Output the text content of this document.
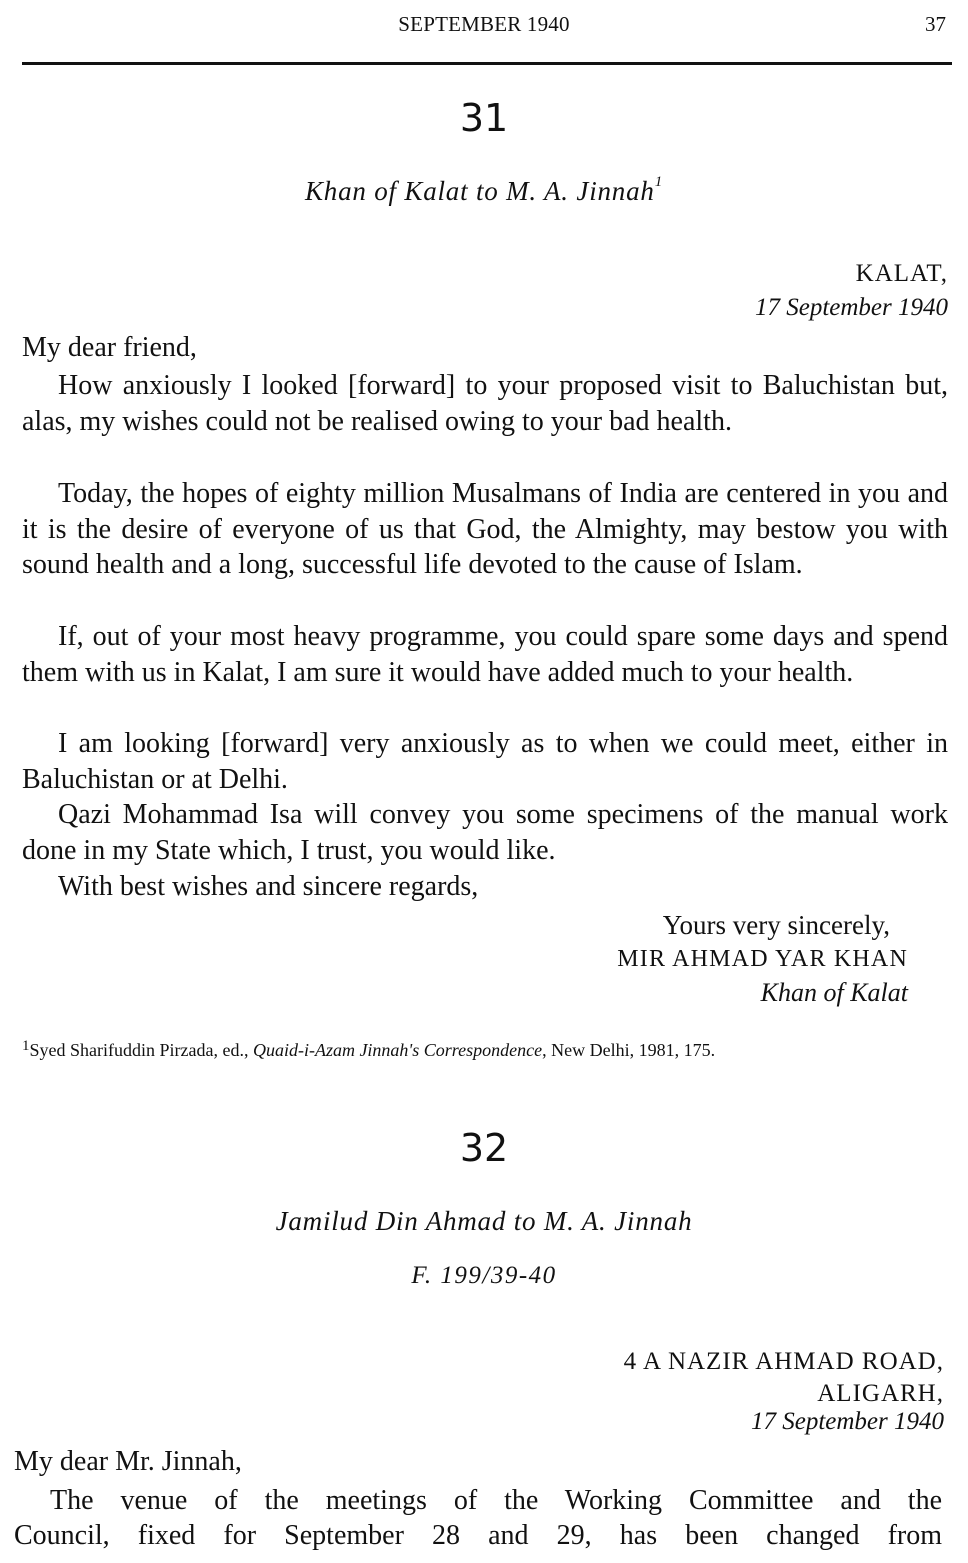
SEPTEMBER 1940	37
31
Khan of Kalat to M. A. Jinnah$^1$
KALAT,
17 September 1940
My dear friend,
How anxiously I looked [forward] to your proposed visit to Baluchistan but, alas, my wishes could not be realised owing to your bad health.
Today, the hopes of eighty million Musalmans of India are centered in you and it is the desire of everyone of us that God, the Almighty, may bestow you with sound health and a long, successful life devoted to the cause of Islam.
If, out of your most heavy programme, you could spare some days and spend them with us in Kalat, I am sure it would have added much to your health.
I am looking [forward] very anxiously as to when we could meet, either in Baluchistan or at Delhi.
Qazi Mohammad Isa will convey you some specimens of the manual work done in my State which, I trust, you would like.
With best wishes and sincere regards,
Yours very sincerely,
MIR AHMAD YAR KHAN
Khan of Kalat
$^1$Syed Sharifuddin Pirzada, ed., Quaid-i-Azam Jinnah's Correspondence, New Delhi, 1981, 175.
32
Jamilud Din Ahmad to M. A. Jinnah
F. 199/39-40
4 A NAZIR AHMAD ROAD,
ALIGARH,
17 September 1940
My dear Mr. Jinnah,
The venue of the meetings of the Working Committee and the
Council, fixed for September 28 and 29, has been changed from
